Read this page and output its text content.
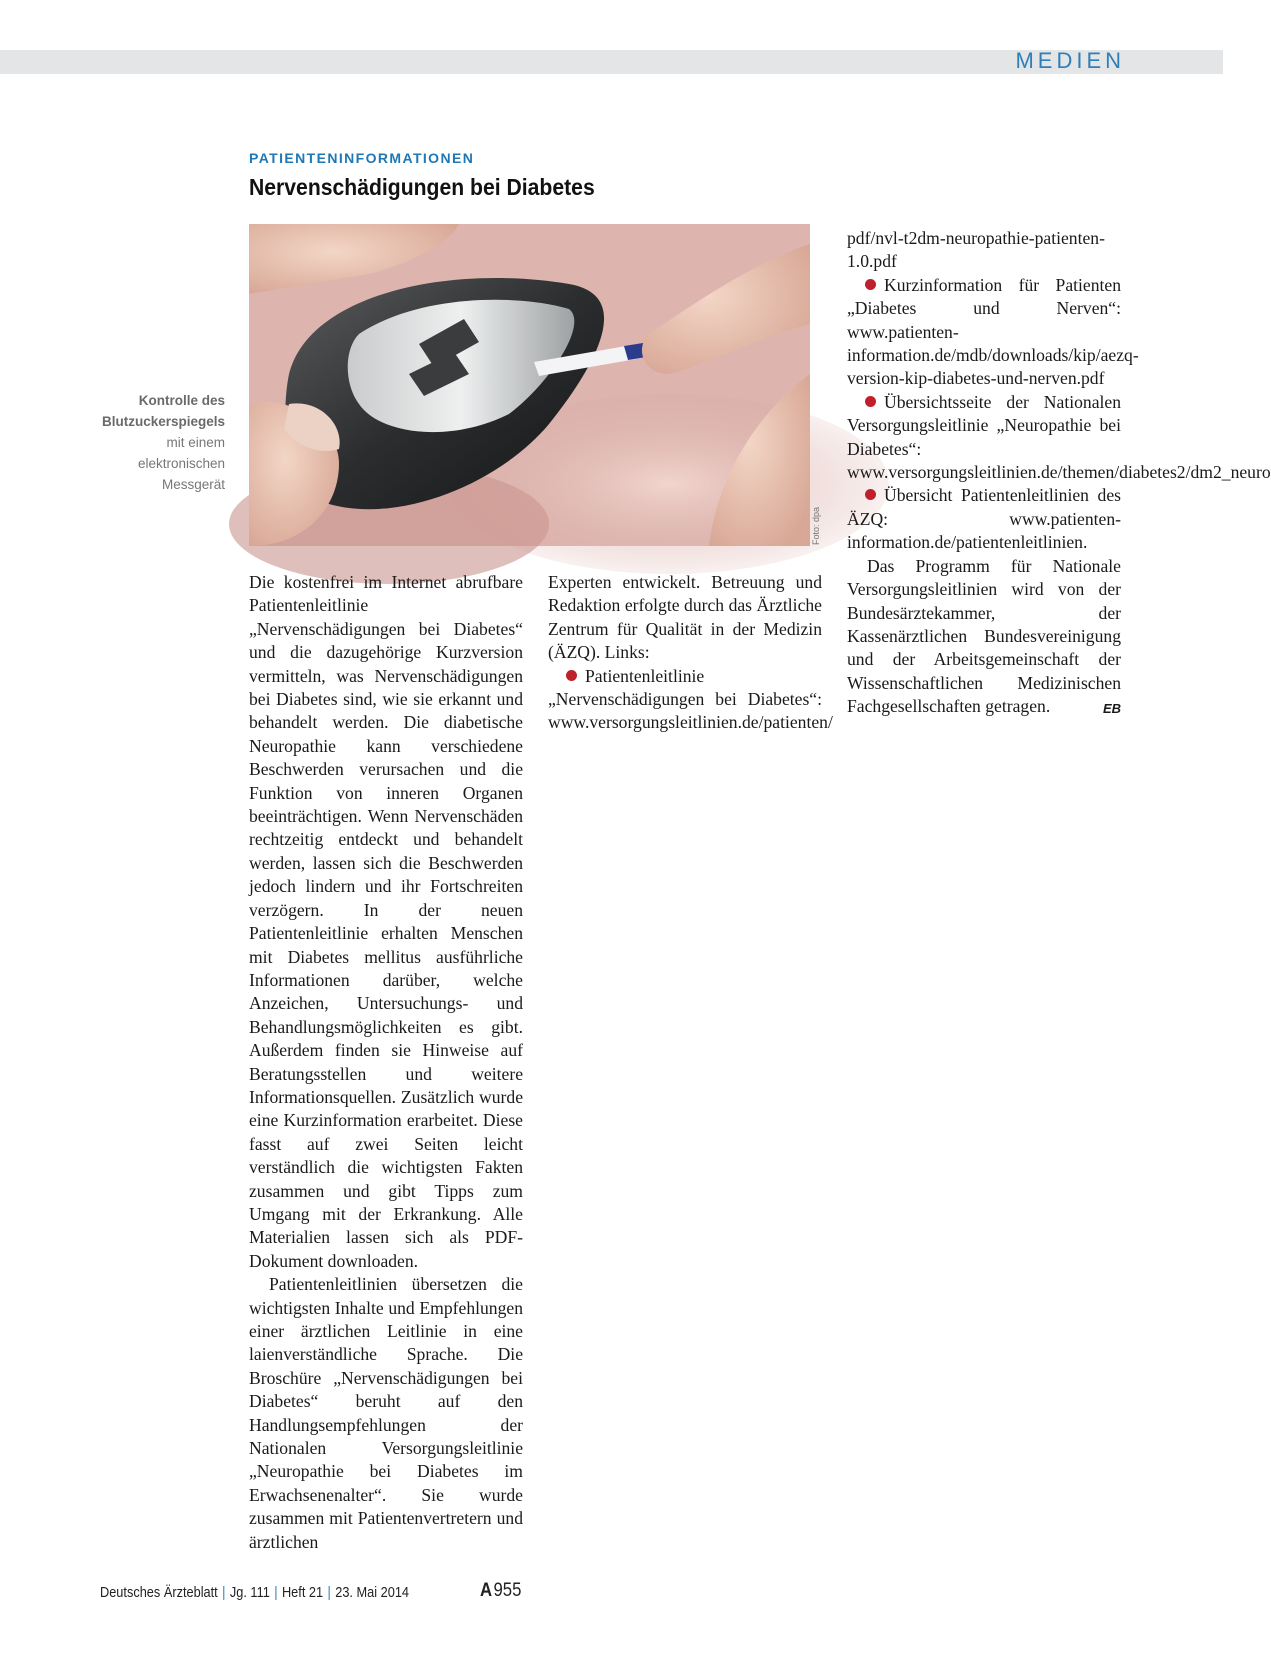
MEDIEN
PATIENTENINFORMATIONEN
Nervenschädigungen bei Diabetes
Kontrolle des Blutzuckerspiegels mit einem elektronischen Messgerät
Foto: dpa

Die kostenfrei im Internet abrufbare Patientenleitlinie „Nervenschädigungen bei Diabetes“ und die dazugehörige Kurzversion vermitteln, was Nervenschädigungen bei Diabetes sind, wie sie erkannt und behandelt werden. Die diabetische Neuropathie kann verschiedene Beschwerden verursachen und die Funktion von inneren Organen beeinträchtigen. Wenn Nervenschäden rechtzeitig entdeckt und behandelt werden, lassen sich die Beschwerden jedoch lindern und ihr Fortschreiten verzögern. In der neuen Patientenleitlinie erhalten Menschen mit Diabetes mellitus ausführliche Informationen darüber, welche Anzeichen, Untersuchungs- und Behandlungsmöglichkeiten es gibt. Außerdem finden sie Hinweise auf Beratungsstellen und weitere Informationsquellen. Zusätzlich wurde eine Kurzinformation erarbeitet. Diese fasst auf zwei Seiten leicht verständlich die wichtigsten Fakten zusammen und gibt Tipps zum Umgang mit der Erkrankung. Alle Materialien lassen sich als PDF-Dokument downloaden.

Patientenleitlinien übersetzen die wichtigsten Inhalte und Empfehlungen einer ärztlichen Leitlinie in eine laienverständliche Sprache. Die Broschüre „Nervenschädigungen bei Diabetes“ beruht auf den Handlungsempfehlungen der Nationalen Versorgungsleitlinie „Neuropathie bei Diabetes im Erwachsenenalter“. Sie wurde zusammen mit Patientenvertretern und ärztlichen

Experten entwickelt. Betreuung und Redaktion erfolgte durch das Ärztliche Zentrum für Qualität in der Medizin (ÄZQ). Links:

Patientenleitlinie „Nervenschädigungen bei Diabetes“: www.versorgungsleitlinien.de/patienten/

pdf/nvl-t2dm-neuropathie-patienten-1.0.pdf

Kurzinformation für Patienten „Diabetes und Nerven“: www.patienten-information.de/mdb/downloads/kip/aezq-version-kip-diabetes-und-nerven.pdf

Übersichtsseite der Nationalen Versorgungsleitlinie „Neuropathie bei Diabetes“: www.versorgungsleitlinien.de/themen/diabetes2/dm2_neuro

Übersicht Patientenleitlinien des ÄZQ: www.patienten-information.de/patientenleitlinien.

Das Programm für Nationale Versorgungsleitlinien wird von der Bundesärztekammer, der Kassenärztlichen Bundesvereinigung und der Arbeitsgemeinschaft der Wissenschaftlichen Medizinischen Fachgesellschaften getragen.	EB

Deutsches Ärzteblatt | Jg. 111 | Heft 21 | 23. Mai 2014	A 955
